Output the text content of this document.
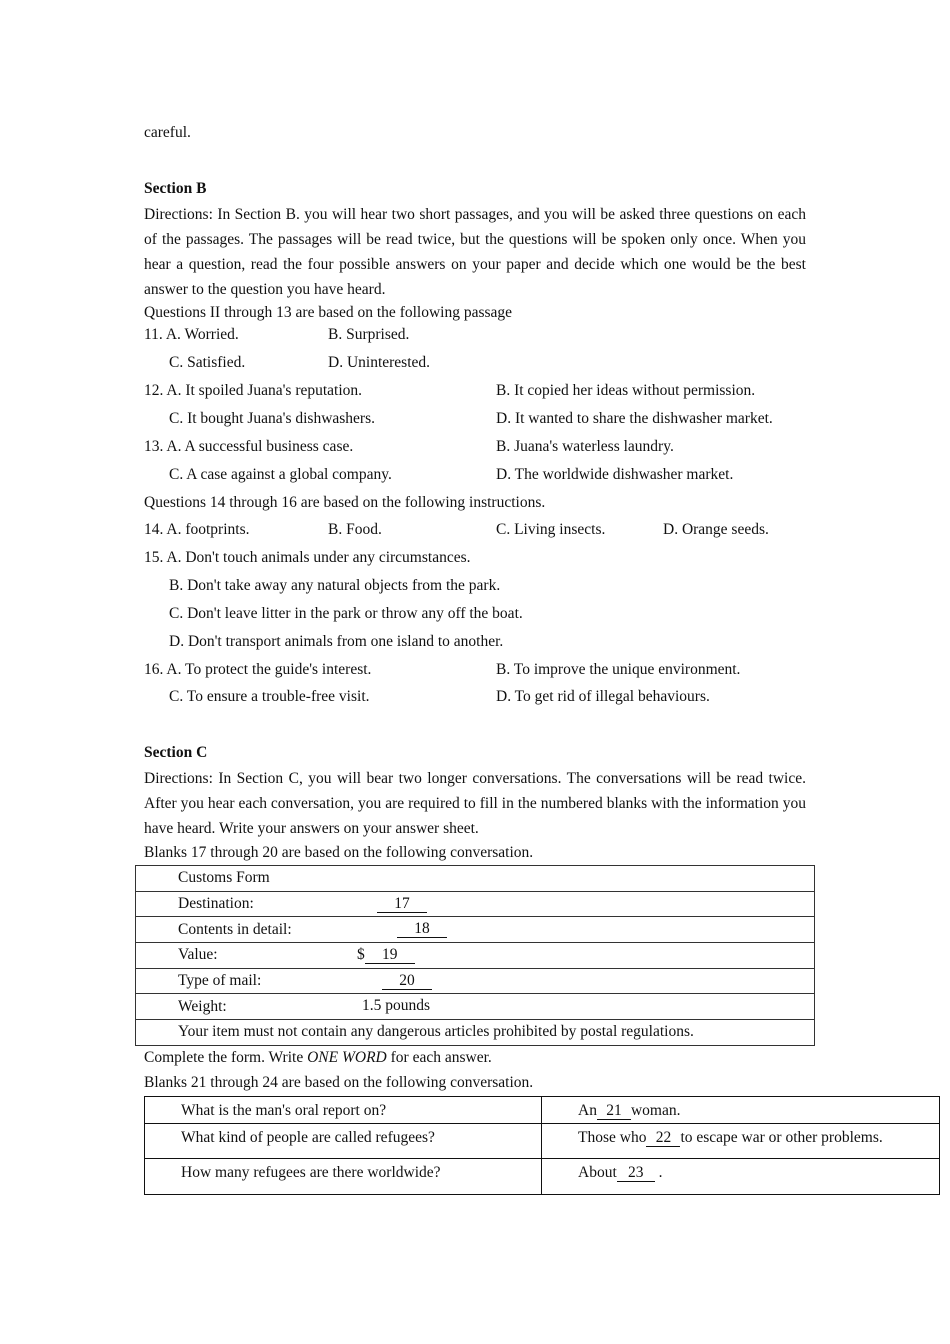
careful.
Section B
Directions: In Section B. you will hear two short passages, and you will be asked three questions on each of the passages. The passages will be read twice, but the questions will be spoken only once. When you hear a question, read the four possible answers on your paper and decide which one would be the best answer to the question you have heard.
Questions II through 13 are based on the following passage
11. A. Worried.	B. Surprised.
C. Satisfied.	D. Uninterested.
12. A. It spoiled Juana's reputation.	B. It copied her ideas without permission.
C. It bought Juana's dishwashers.	D. It wanted to share the dishwasher market.
13. A. A successful business case.	B. Juana's waterless laundry.
C. A case against a global company.	D. The worldwide dishwasher market.
Questions 14 through 16 are based on the following instructions.
14. A. footprints.	B. Food.	C. Living insects.	D. Orange seeds.
15. A. Don't touch animals under any circumstances.
B. Don't take away any natural objects from the park.
C. Don't leave litter in the park or throw any off the boat.
D. Don't transport animals from one island to another.
16. A. To protect the guide's interest.	B. To improve the unique environment.
C. To ensure a trouble-free visit.	D. To get rid of illegal behaviours.
Section C
Directions: In Section C, you will bear two longer conversations. The conversations will be read twice. After you hear each conversation, you are required to fill in the numbered blanks with the information you have heard. Write your answers on your answer sheet.
Blanks 17 through 20 are based on the following conversation.
Customs Form
Destination:	17

Contents in detail:	18

Value:	$ 19

Type of mail:	20

Weight:	1.5 pounds

Your item must not contain any dangerous articles prohibited by postal regulations.
Complete the form. Write ONE WORD for each answer.
Blanks 21 through 24 are based on the following conversation.
What is the man's oral report on?	An 21 woman.
What kind of people are called refugees?	Those who 22 to escape war or other problems.
How many refugees are there worldwide?	About 23 .
